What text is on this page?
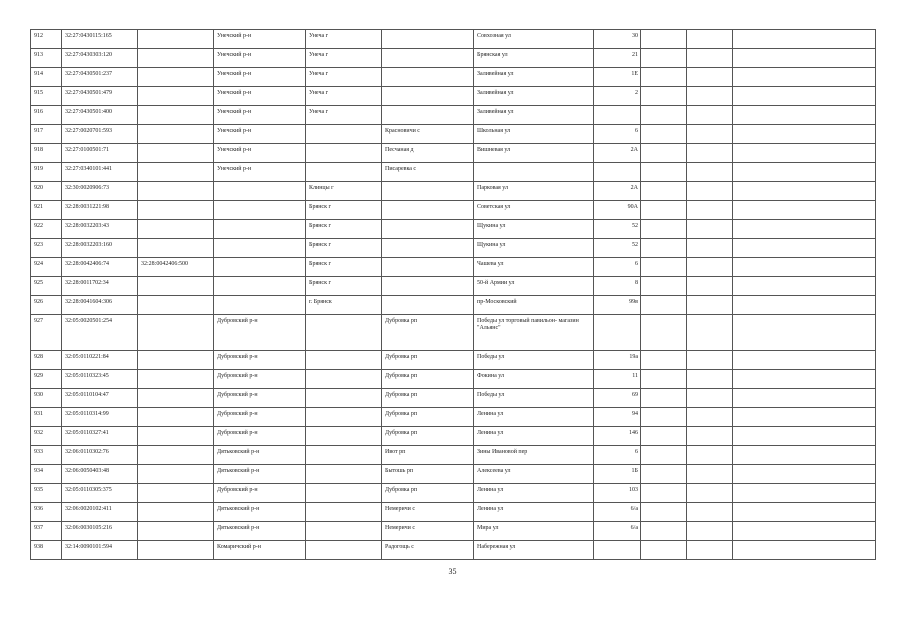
912	32:27:0430115:165		Унечский р-н	Унеча г		Совхозная ул	30			
913	32:27:0430303:120		Унечский р-н	Унеча г		Брянская ул	21			
914	32:27:0430501:237		Унечский р-н	Унеча г		Заливейная ул	1Е			
915	32:27:0430501:479		Унечский р-н	Унеча г		Заливейная ул	2			
916	32:27:0430501:400		Унечский р-н	Унеча г		Заливейная ул				
917	32:27:0020701:593		Унечский р-н		Красновичи с	Школьная ул	6			
918	32:27:0100501:71		Унечский р-н		Песчаная д	Вишневая ул	2А			
919	32:27:0340101:441		Унечский р-н		Писаревка с					
920	32:30:0020906:73			Клинцы г		Парковая ул	2А			
921	32:28:0031221:98			Брянск г		Советская ул	90А			
922	32:28:0032203:43			Брянск г		Щукина ул	52			
923	32:28:0032203:160			Брянск г		Щукина ул	52			
924	32:28:0042406:74	32:28:0042406:500		Брянск г		Чашева ул	6			
925	32:28:0011702:34			Брянск г		50-й Армии ул	8			
926	32:28:0041604:306			г. Брянск		пр-Московский	99в			
927	32:05:0020501:254		Дубровский р-н		Дубровка рп	Победы ул торговый павильон- магазин "Альянс"				
928	32:05:0110221:84		Дубровский р-н		Дубровка рп	Победы ул	19а			
929	32:05:0110323:45		Дубровский р-н		Дубровка рп	Фокина ул	11			
930	32:05:0110104:47		Дубровский р-н		Дубровка рп	Победы ул	69			
931	32:05:0110314:99		Дубровский р-н		Дубровка рп	Ленина ул	94			
932	32:05:0110327:41		Дубровский р-н		Дубровка рп	Ленина ул	146			
933	32:06:0110302:76		Дятьковский р-н		Ивот рп	Зины Ивановой пер	6			
934	32:06:0050403:48		Дятьковский р-н		Бытошь рп	Алексеева ул	1Б			
935	32:05:0110305:375		Дубровский р-н		Дубровка рп	Ленина ул	103			
936	32:06:0020102:411		Дятьковский р-н		Немеричи с	Ленина ул	6/а			
937	32:06:0030105:216		Дятьковский р-н		Немеричи с	Мира ул	6/а			
938	32:14:0090101:594		Комаричский р-н		Радогощь с	Набережная ул				
35
